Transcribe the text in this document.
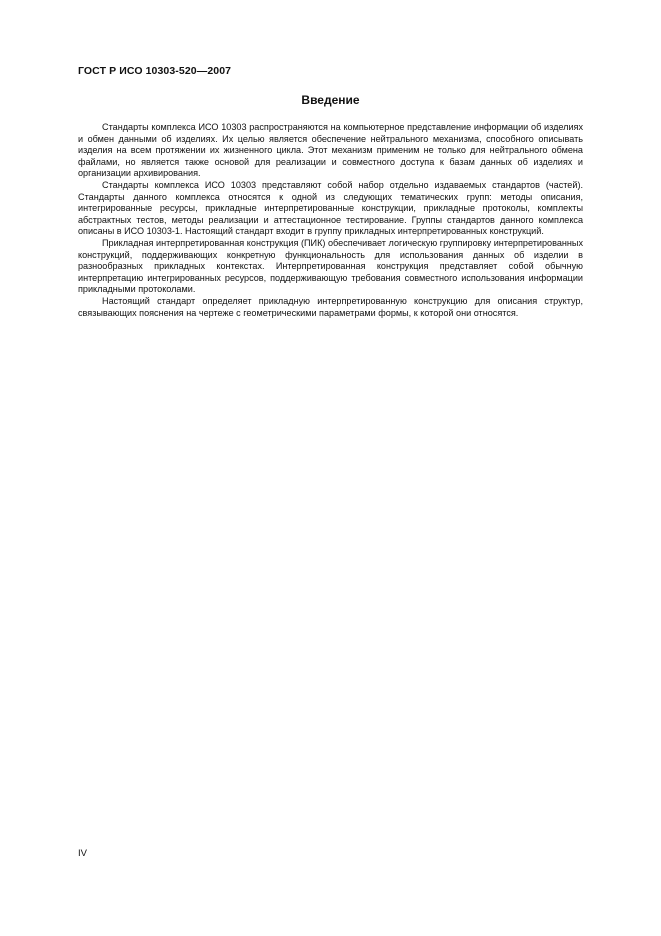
ГОСТ Р ИСО 10303-520—2007
Введение

Стандарты комплекса ИСО 10303 распространяются на компьютерное представление информации об изделиях и обмен данными об изделиях. Их целью является обеспечение нейтрального механизма, способного описывать изделия на всем протяжении их жизненного цикла. Этот механизм применим не только для нейтрального обмена файлами, но является также основой для реализации и совместного доступа к базам данных об изделиях и организации архивирования.

Стандарты комплекса ИСО 10303 представляют собой набор отдельно издаваемых стандартов (частей). Стандарты данного комплекса относятся к одной из следующих тематических групп: методы описания, интегрированные ресурсы, прикладные интерпретированные конструкции, прикладные протоколы, комплекты абстрактных тестов, методы реализации и аттестационное тестирование. Группы стандартов данного комплекса описаны в ИСО 10303-1. Настоящий стандарт входит в группу прикладных интерпретированных конструкций.

Прикладная интерпретированная конструкция (ПИК) обеспечивает логическую группировку интерпретированных конструкций, поддерживающих конкретную функциональность для использования данных об изделии в разнообразных прикладных контекстах. Интерпретированная конструкция представляет собой обычную интерпретацию интегрированных ресурсов, поддерживающую требования совместного использования информации прикладными протоколами.

Настоящий стандарт определяет прикладную интерпретированную конструкцию для описания структур, связывающих пояснения на чертеже с геометрическими параметрами формы, к которой они относятся.

IV
